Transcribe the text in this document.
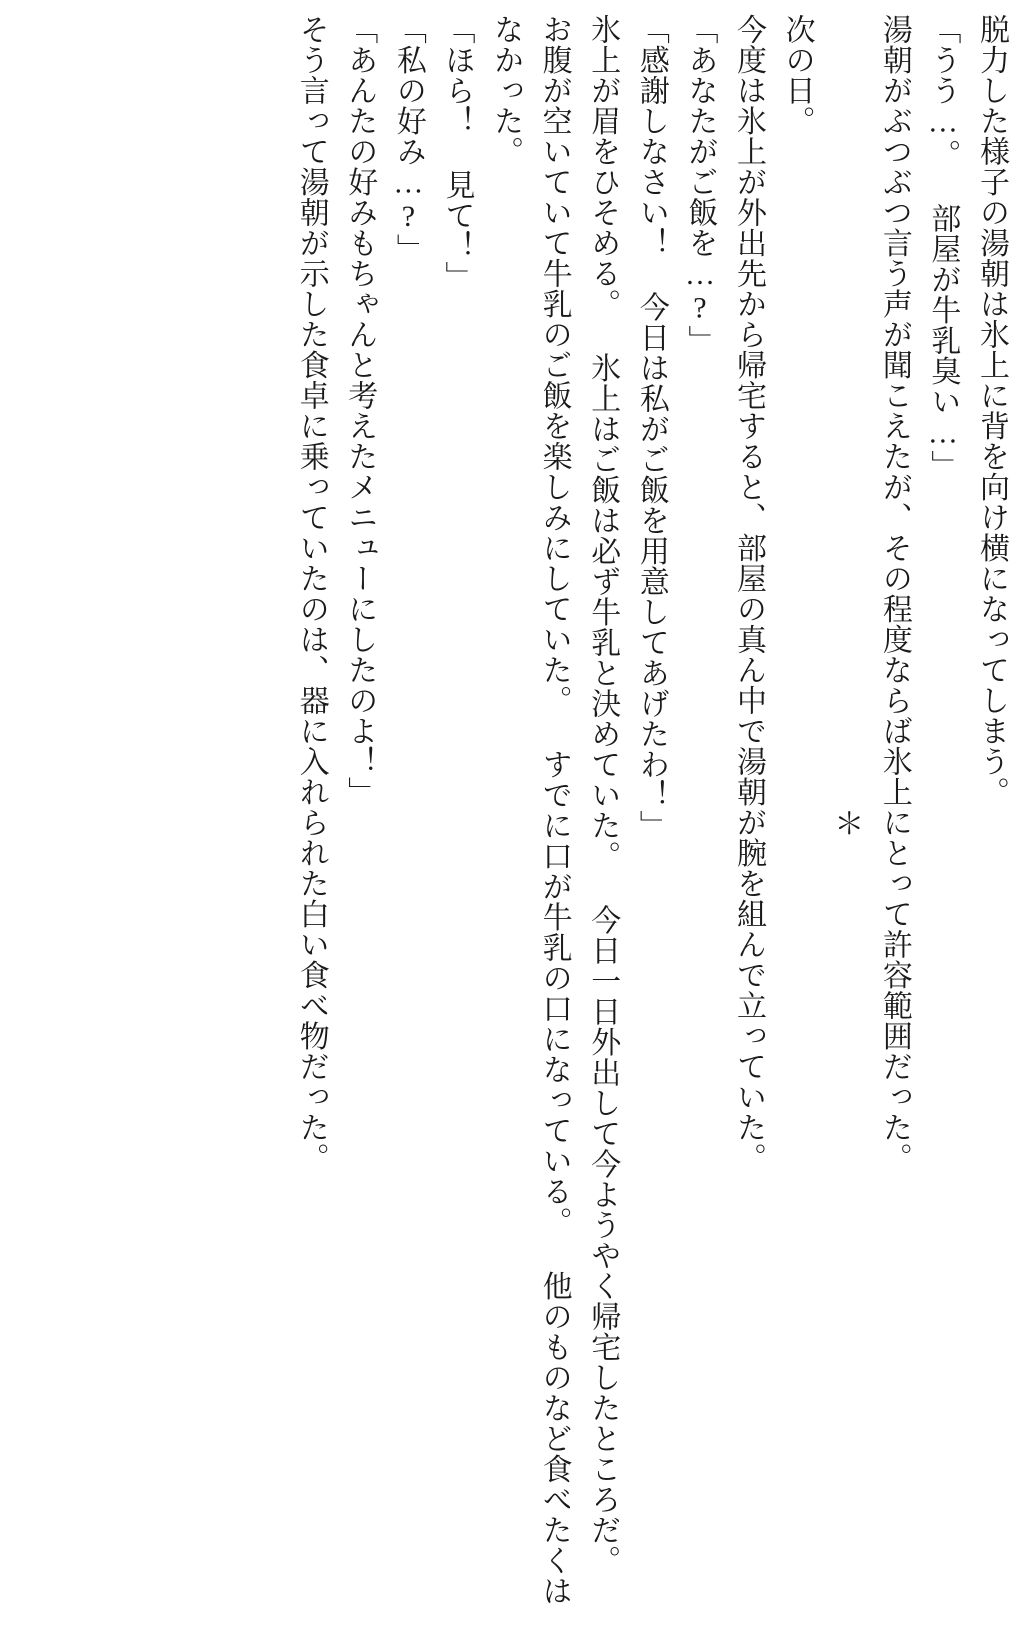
脱力した様子の湯朝は氷上に背を向け横になってしまう。

「うう…。 部屋が牛乳臭い…」

湯朝がぶつぶつ言う声が聞こえたが、その程度ならば氷上にとって許容範囲だった。

＊

次の日。

今度は氷上が外出先から帰宅すると、部屋の真ん中で湯朝が腕を組んで立っていた。

「あなたがご飯を…?」

「感謝しなさい！ 今日は私がご飯を用意してあげたわ！」

氷上が眉をひそめる。 氷上はご飯は必ず牛乳と決めていた。 今日一日外出して今ようやく帰宅したところだ。 お腹が空いていて牛乳のご飯を楽しみにしていた。 すでに口が牛乳の口になっている。 他のものなど食べたくはなかった。

「ほら！ 見て！」

「私の好み…?」

「あんたの好みもちゃんと考えたメニューにしたのよ！」

そう言って湯朝が示した食卓に乗っていたのは、器に入れられた白い食べ物だった。
